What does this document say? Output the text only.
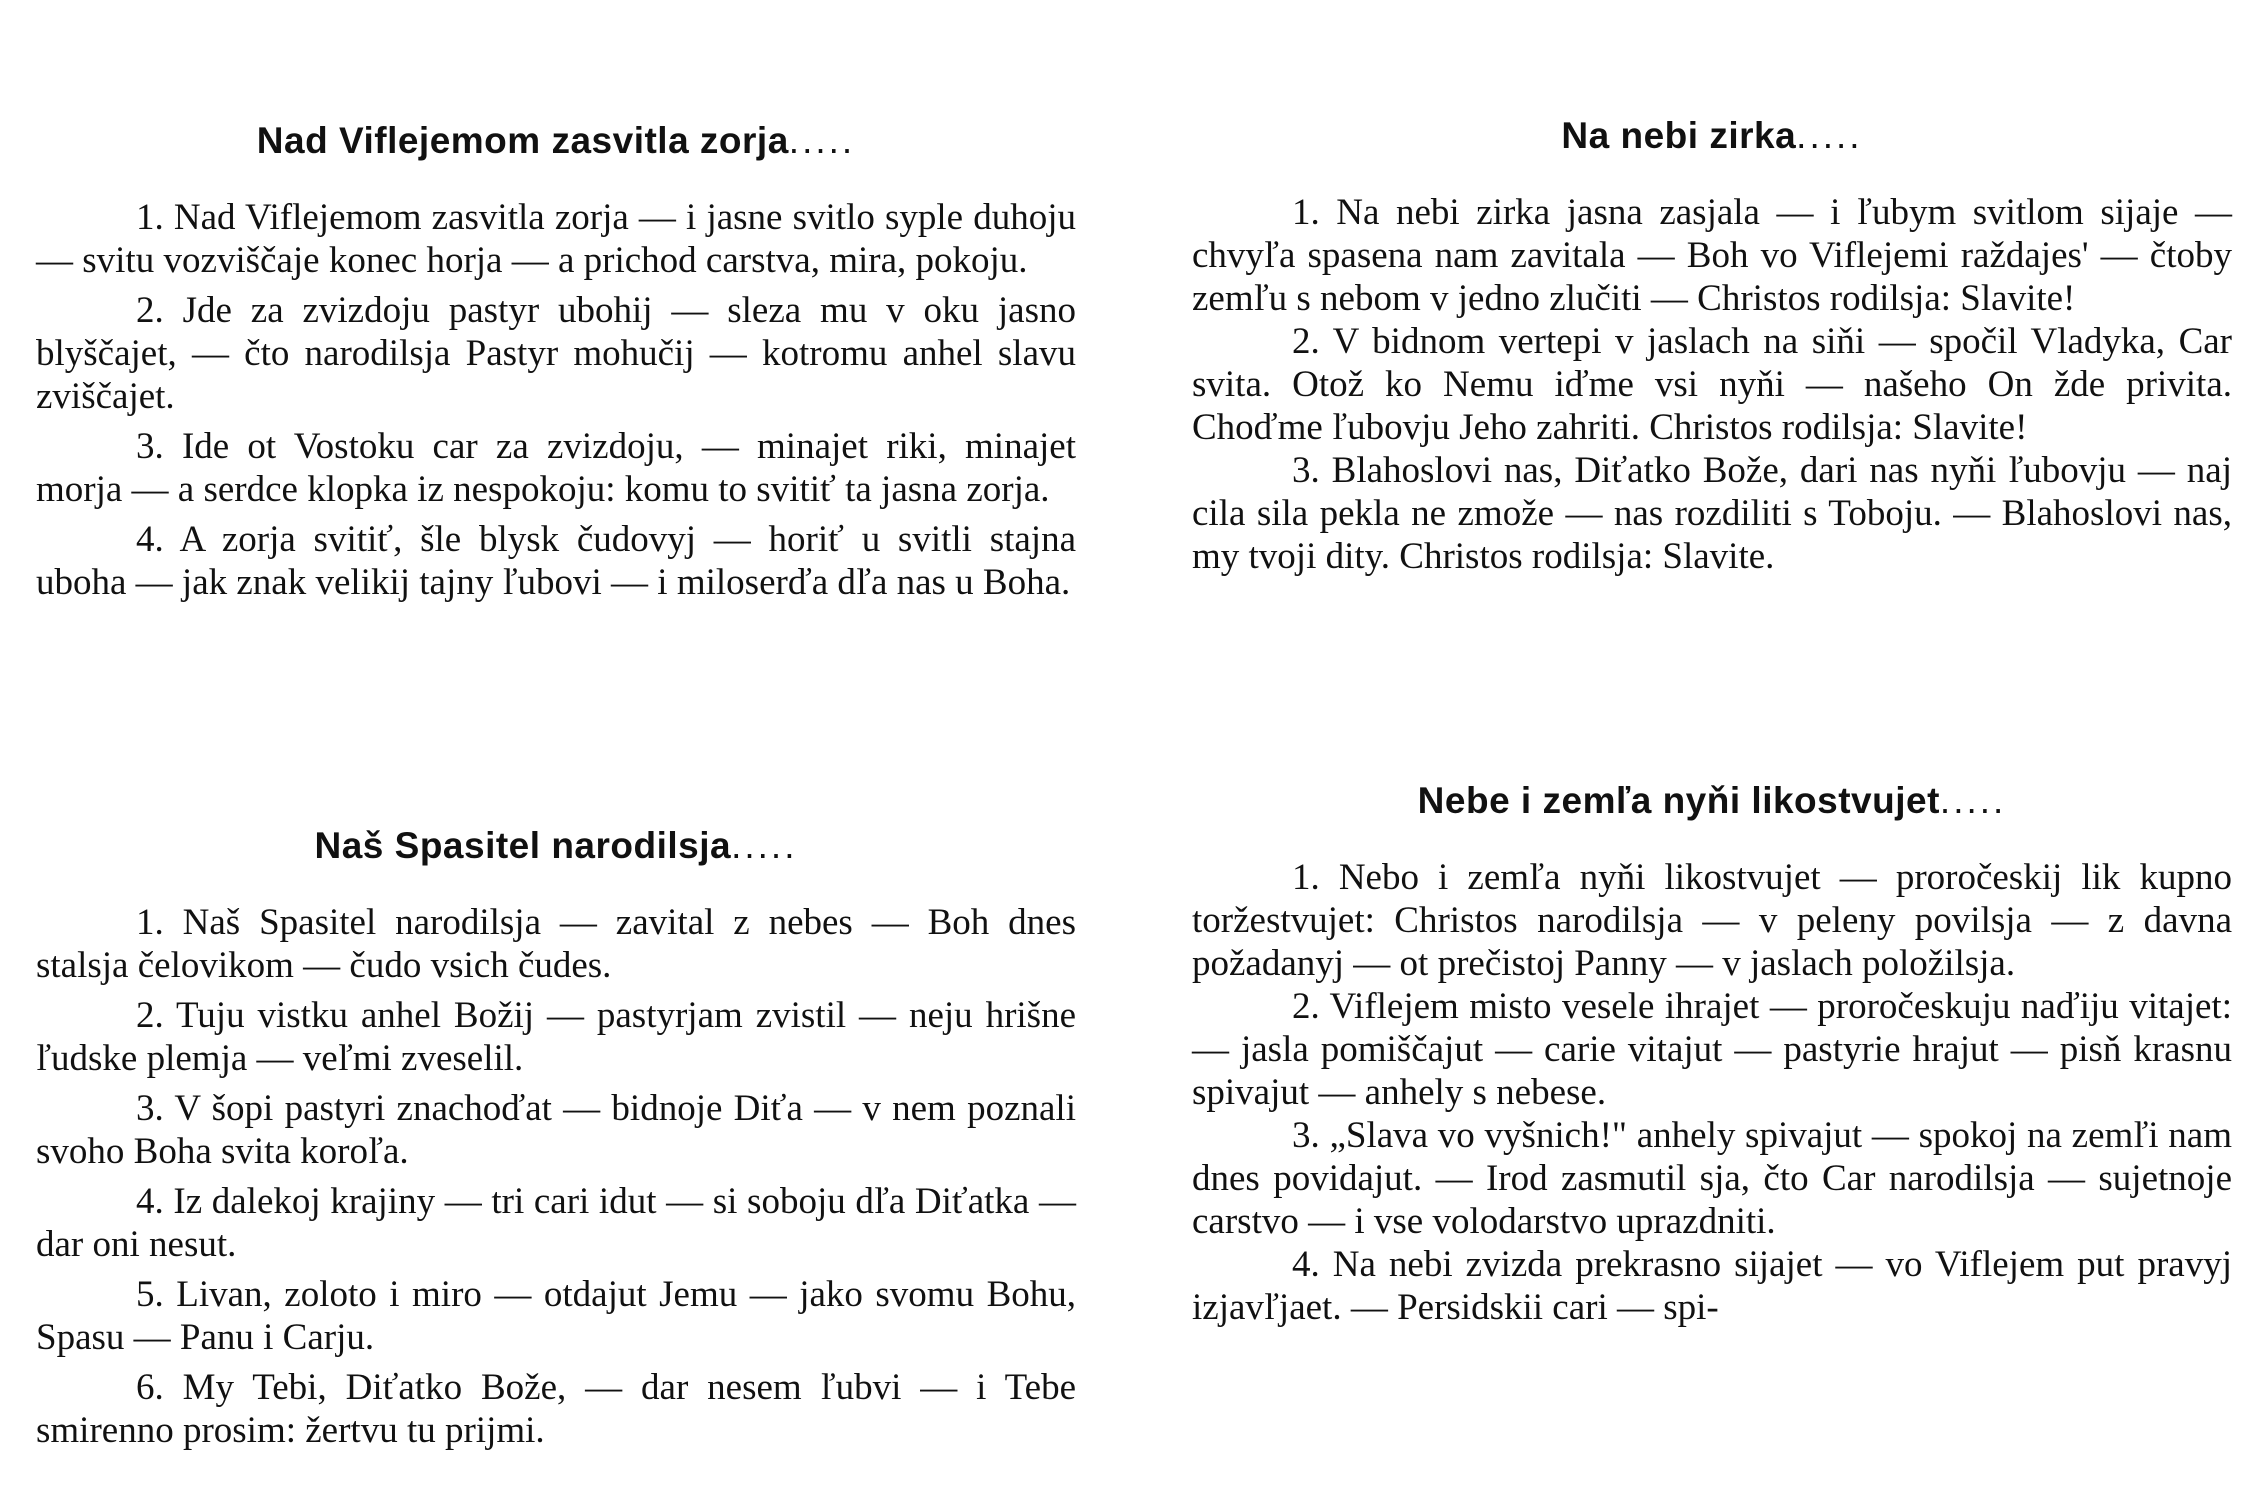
Nad Viflejemom zasvitla zorja.....

1. Nad Viflejemom zasvitla zorja — i jasne svitlo syple duhoju — svitu vozviščaje konec horja — a prichod carstva, mira, pokoju.

2. Jde za zvizdoju pastyr ubohij — sleza mu v oku jasno blyščajet, — čto narodilsja Pastyr mohučij — kotromu anhel slavu zviščajet.

3. Ide ot Vostoku car za zvizdoju, — minajet riki, minajet morja — a serdce klopka iz nespokoju: komu to svitiť ta jasna zorja.

4. A zorja svitiť, šle blysk čudovyj — horiť u svitli stajna uboha — jak znak velikij tajny ľubovi — i miloserďa dľa nas u Boha.

Naš Spasitel narodilsja.....

1. Naš Spasitel narodilsja — zavital z nebes — Boh dnes stalsja čelovikom — čudo vsich čudes.

2. Tuju vistku anhel Božij — pastyrjam zvistil — neju hrišne ľudske plemja — veľmi zveselil.

3. V šopi pastyri znachoďat — bidnoje Diťa — v nem poznali svoho Boha svita koroľa.

4. Iz dalekoj krajiny — tri cari idut — si soboju dľa Diťatka — dar oni nesut.

5. Livan, zoloto i miro — otdajut Jemu — jako svomu Bohu, Spasu — Panu i Carju.

6. My Tebi, Diťatko Bože, — dar nesem ľubvi — i Tebe smirenno prosim: žertvu tu prijmi.

Na nebi zirka.....

1. Na nebi zirka jasna zasjala — i ľubym svitlom sijaje — chvyľa spasena nam zavitala — Boh vo Viflejemi raždajes' — čtoby zemľu s nebom v jedno zlučiti — Christos rodilsja: Slavite!

2. V bidnom vertepi v jaslach na siňi — spočil Vladyka, Car svita. Otož ko Nemu iďme vsi nyňi — našeho On žde privita. Choďme ľubovju Jeho zahriti. Christos rodilsja: Slavite!

3. Blahoslovi nas, Diťatko Bože, dari nas nyňi ľubovju — naj cila sila pekla ne zmože — nas rozdiliti s Toboju. — Blahoslovi nas, my tvoji dity. Christos rodilsja: Slavite.

Nebe i zemľa nyňi likostvujet.....

1. Nebo i zemľa nyňi likostvujet — proročeskij lik kupno toržestvujet: Christos narodilsja — v peleny povilsja — z davna požadanyj — ot prečistoj Panny — v jaslach položilsja.

2. Viflejem misto vesele ihrajet — proročeskuju naďiju vitajet: — jasla pomiščajut — carie vitajut — pastyrie hrajut — pisň krasnu spivajut — anhely s nebese.

3. „Slava vo vyšnich!" anhely spivajut — spokoj na zemľi nam dnes povidajut. — Irod zasmutil sja, čto Car narodilsja — sujetnoje carstvo — i vse volodarstvo uprazdniti.

4. Na nebi zvizda prekrasno sijajet — vo Viflejem put pravyj izjavľjaet. — Persidskii cari — spi-
